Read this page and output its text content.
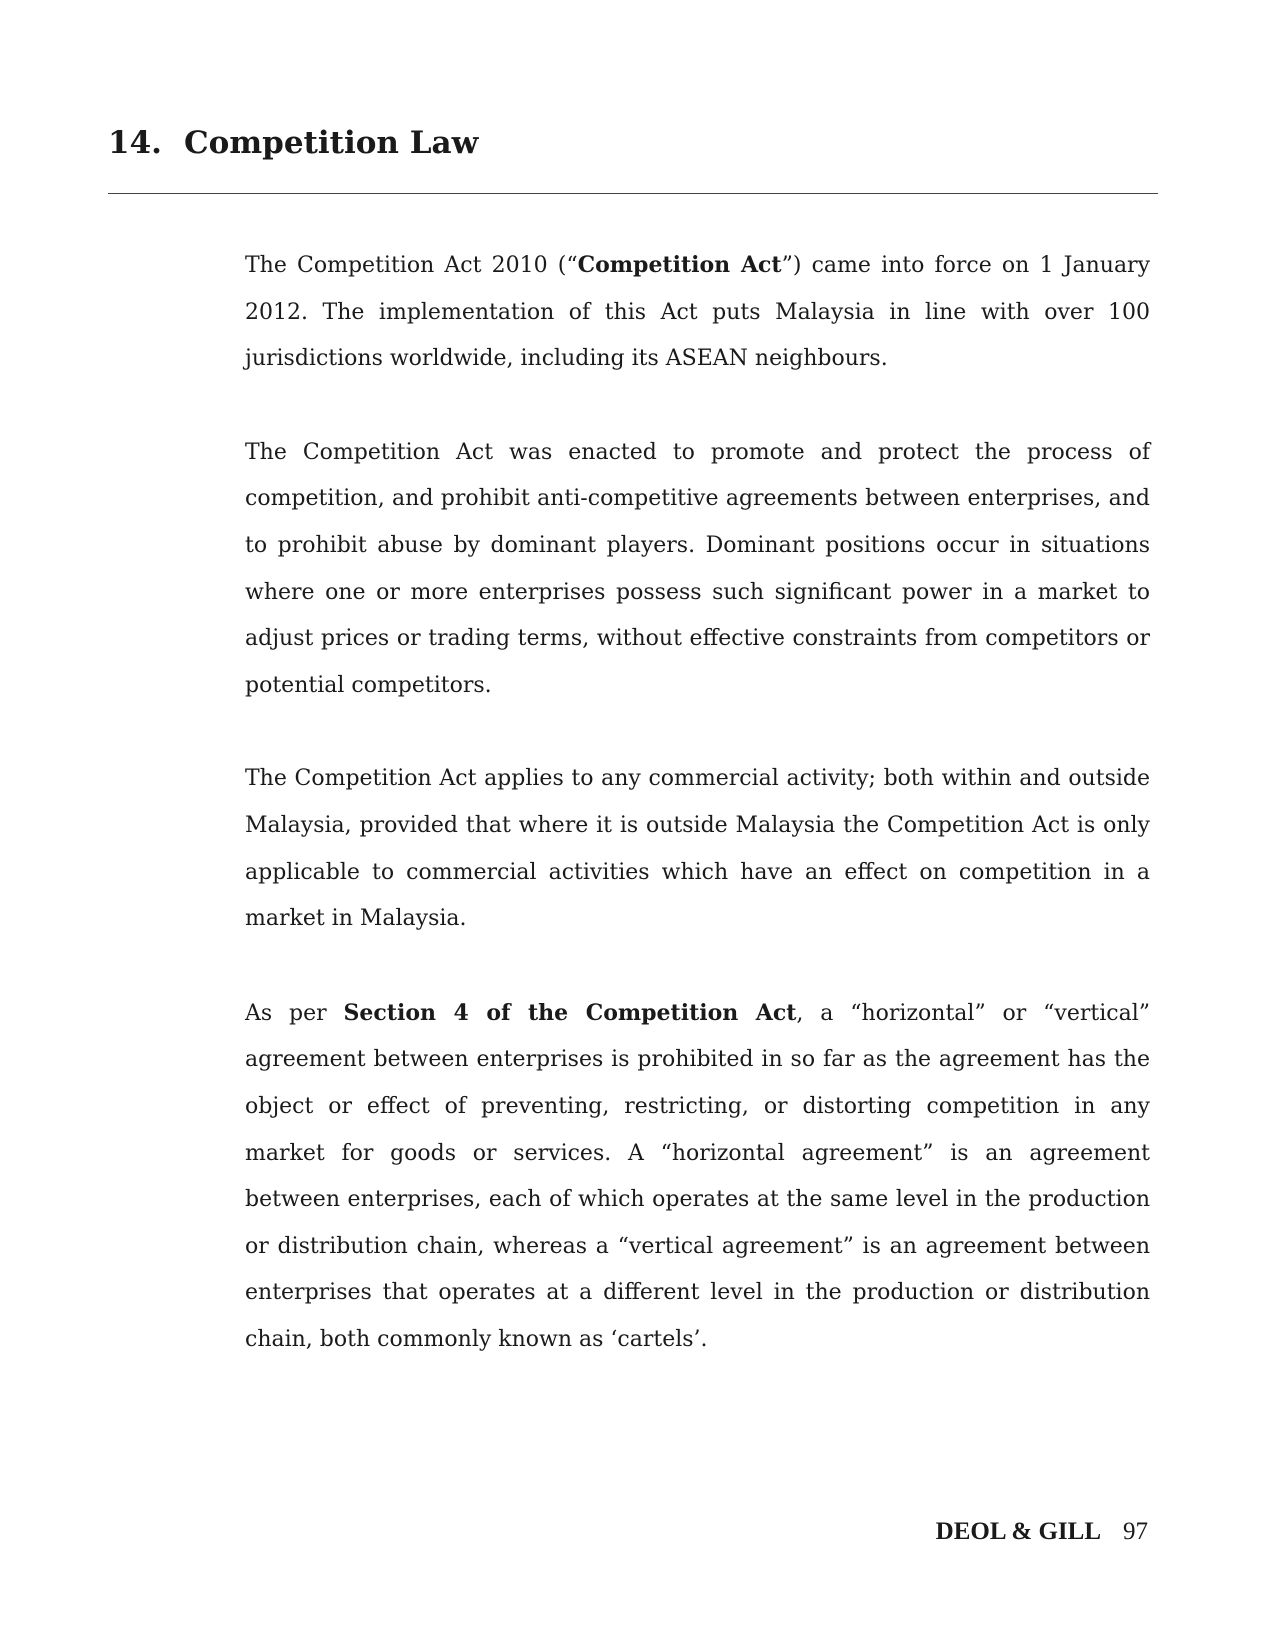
14. Competition Law

The Competition Act 2010 (“Competition Act”) came into force on 1 January 2012. The implementation of this Act puts Malaysia in line with over 100 jurisdictions worldwide, including its ASEAN neighbours.

The Competition Act was enacted to promote and protect the process of competition, and prohibit anti-competitive agreements between enterprises, and to prohibit abuse by dominant players. Dominant positions occur in situations where one or more enterprises possess such significant power in a market to adjust prices or trading terms, without effective constraints from competitors or potential competitors.

The Competition Act applies to any commercial activity; both within and outside Malaysia, provided that where it is outside Malaysia the Competition Act is only applicable to commercial activities which have an effect on competition in a market in Malaysia.

As per Section 4 of the Competition Act, a “horizontal” or “vertical” agreement between enterprises is prohibited in so far as the agreement has the object or effect of preventing, restricting, or distorting competition in any market for goods or services. A “horizontal agreement” is an agreement between enterprises, each of which operates at the same level in the production or distribution chain, whereas a “vertical agreement” is an agreement between enterprises that operates at a different level in the production or distribution chain, both commonly known as ‘cartels’.

DEOL & GILL 97
